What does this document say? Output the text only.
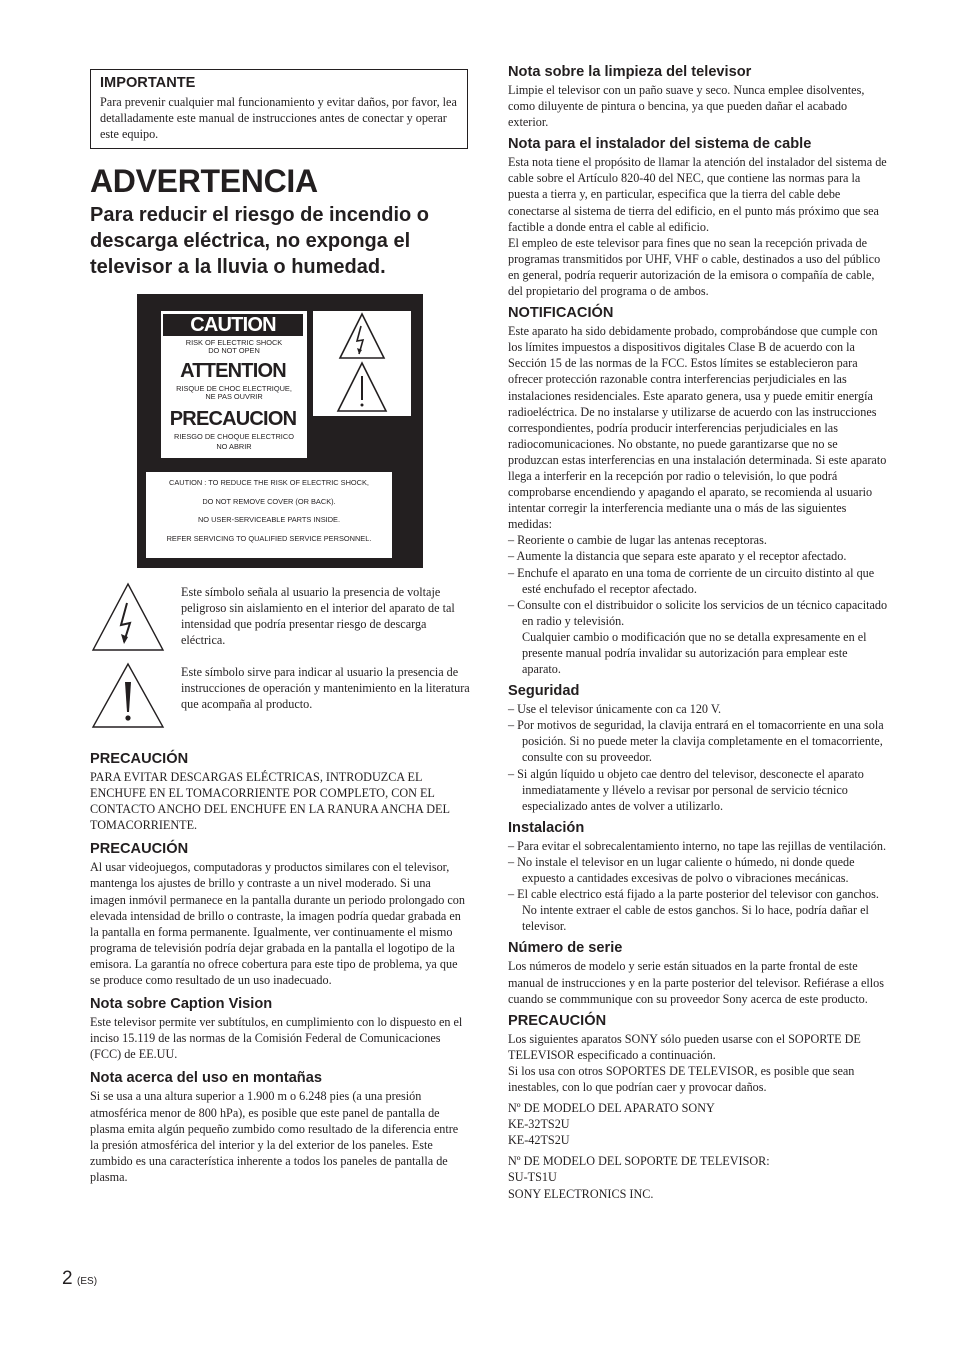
IMPORTANTE

Para prevenir cualquier mal funcionamiento y evitar daños, por favor, lea detalladamente este manual de instrucciones antes de conectar y operar este equipo.

ADVERTENCIA

Para reducir el riesgo de incendio o descarga eléctrica, no exponga el televisor a la lluvia o humedad.

CAUTION
RISK OF ELECTRIC SHOCK
DO NOT OPEN
ATTENTION
RISQUE DE CHOC ELECTRIQUE,
NE PAS OUVRIR
PRECAUCION
RIESGO DE CHOQUE ELECTRICO
NO ABRIR

CAUTION : TO REDUCE THE RISK OF ELECTRIC SHOCK,

DO NOT REMOVE COVER (OR BACK).

NO USER-SERVICEABLE PARTS INSIDE.

REFER SERVICING TO QUALIFIED SERVICE PERSONNEL.

Este símbolo señala al usuario la presencia de voltaje peligroso sin aislamiento en el interior del aparato de tal intensidad que podría presentar riesgo de descarga eléctrica.

Este símbolo sirve para indicar al usuario la presencia de instrucciones de operación y mantenimiento en la literatura que acompaña al producto.

PRECAUCIÓN

PARA EVITAR DESCARGAS ELÉCTRICAS, INTRODUZCA EL ENCHUFE EN EL TOMACORRIENTE POR COMPLETO, CON EL CONTACTO ANCHO DEL ENCHUFE EN LA RANURA ANCHA DEL TOMACORRIENTE.

PRECAUCIÓN

Al usar videojuegos, computadoras y productos similares con el televisor, mantenga los ajustes de brillo y contraste a un nivel moderado. Si una imagen inmóvil permanece en la pantalla durante un periodo prolongado con elevada intensidad de brillo o contraste, la imagen podría quedar grabada en la pantalla en forma permanente. Igualmente, ver continuamente el mismo programa de televisión podría dejar grabada en la pantalla el logotipo de la emisora. La garantía no ofrece cobertura para este tipo de problema, ya que se produce como resultado de un uso inadecuado.

Nota sobre Caption Vision

Este televisor permite ver subtítulos, en cumplimiento con lo dispuesto en el inciso 15.119 de las normas de la Comisión Federal de Comunicaciones (FCC) de EE.UU.

Nota acerca del uso en montañas

Si se usa a una altura superior a 1.900 m o 6.248 pies (a una presión atmosférica menor de 800 hPa), es posible que este panel de pantalla de plasma emita algún pequeño zumbido como resultado de la diferencia entre la presión atmosférica del interior y la del exterior de los paneles. Este zumbido es una característica inherente a todos los paneles de pantalla de plasma.

Nota sobre la limpieza del televisor

Limpie el televisor con un paño suave y seco. Nunca emplee disolventes, como diluyente de pintura o bencina, ya que pueden dañar el acabado exterior.

Nota para el instalador del sistema de cable

Esta nota tiene el propósito de llamar la atención del instalador del sistema de cable sobre el Artículo 820-40 del NEC, que contiene las normas para la puesta a tierra y, en particular, especifica que la tierra del cable debe conectarse al sistema de tierra del edificio, en el punto más próximo que sea factible a donde entra el cable al edificio.

El empleo de este televisor para fines que no sean la recepción privada de programas transmitidos por UHF, VHF o cable, destinados a uso del público en general, podría requerir autorización de la emisora o compañía de cable, del propietario del programa o de ambos.

NOTIFICACIÓN

Este aparato ha sido debidamente probado, comprobándose que cumple con los límites impuestos a dispositivos digitales Clase B de acuerdo con la Sección 15 de las normas de la FCC. Estos límites se establecieron para ofrecer protección razonable contra interferencias perjudiciales en las instalaciones residenciales. Este aparato genera, usa y puede emitir energía radioeléctrica. De no instalarse y utilizarse de acuerdo con las instrucciones correspondientes, podría producir interferencias perjudiciales en las radiocomunicaciones. No obstante, no puede garantizarse que no se produzcan estas interferencias en una instalación determinada. Si este aparato llega a interferir en la recepción por radio o televisión, lo que podrá comprobarse encendiendo y apagando el aparato, se recomienda al usuario intentar corregir la interferencia mediante una o más de las siguientes medidas:

– Reoriente o cambie de lugar las antenas receptoras.

– Aumente la distancia que separa este aparato y el receptor afectado.

– Enchufe el aparato en una toma de corriente de un circuito distinto al que esté enchufado el receptor afectado.

– Consulte con el distribuidor o solicite los servicios de un técnico capacitado en radio y televisión.

Cualquier cambio o modificación que no se detalla expresamente en el presente manual podría invalidar su autorización para emplear este aparato.

Seguridad

– Use el televisor únicamente con ca 120 V.

– Por motivos de seguridad, la clavija entrará en el tomacorriente en una sola posición. Si no puede meter la clavija completamente en el tomacorriente, consulte con su proveedor.

– Si algún líquido u objeto cae dentro del televisor, desconecte el aparato inmediatamente y llévelo a revisar por personal de servicio técnico especializado antes de volver a utilizarlo.

Instalación

– Para evitar el sobrecalentamiento interno, no tape las rejillas de ventilación.

– No instale el televisor en un lugar caliente o húmedo, ni donde quede expuesto a cantidades excesivas de polvo o vibraciones mecánicas.

– El cable electrico está fijado a la parte posterior del televisor con ganchos. No intente extraer el cable de estos ganchos. Si lo hace, podría dañar el televisor.

Número de serie

Los números de modelo y serie están situados en la parte frontal de este manual de instrucciones y en la parte posterior del televisor. Refiérase a ellos cuando se commmunique con su proveedor Sony acerca de este producto.

PRECAUCIÓN

Los siguientes aparatos SONY sólo pueden usarse con el SOPORTE DE TELEVISOR especificado a continuación.

Si los usa con otros SOPORTES DE TELEVISOR, es posible que sean inestables, con lo que podrían caer y provocar daños.

Nº DE MODELO DEL APARATO SONY

KE-32TS2U

KE-42TS2U

Nº DE MODELO DEL SOPORTE DE TELEVISOR:

SU-TS1U

SONY ELECTRONICS INC.

2 (ES)
